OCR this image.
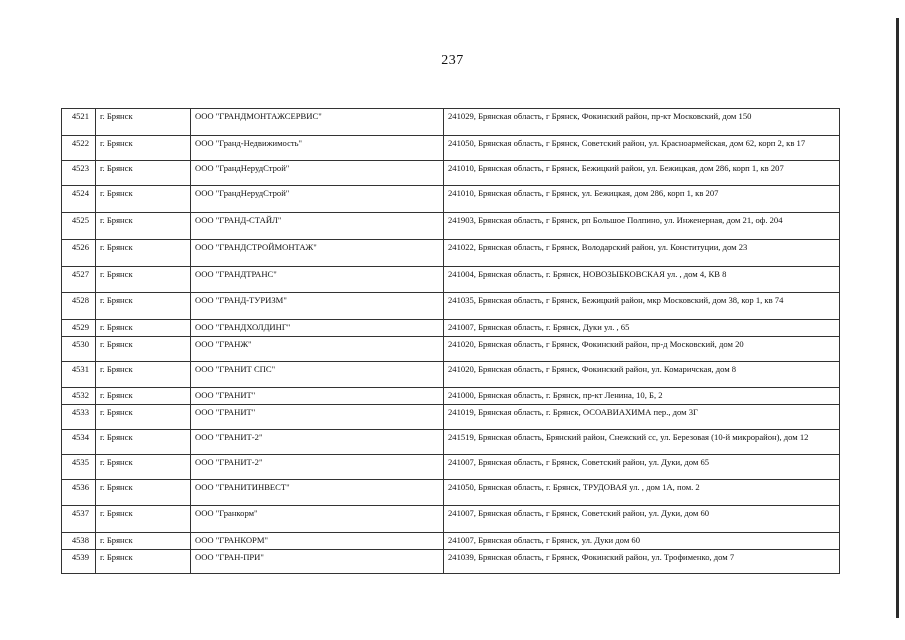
237
4521	г. Брянск	ООО "ГРАНДМОНТАЖСЕРВИС"	241029, Брянская область, г Брянск, Фокинский район, пр-кт Московский, дом 150
4522	г. Брянск	ООО "Гранд-Недвижимость"	241050, Брянская область, г Брянск, Советский район, ул. Красноармейская, дом 62, корп 2, кв 17
4523	г. Брянск	ООО "ГрандНерудСтрой"	241010, Брянская область, г Брянск, Бежицкий район, ул. Бежицкая, дом 286, корп 1, кв 207
4524	г. Брянск	ООО "ГрандНерудСтрой"	241010, Брянская область, г Брянск, ул. Бежицкая, дом 286, корп 1, кв 207
4525	г. Брянск	ООО "ГРАНД-СТАЙЛ"	241903, Брянская область, г Брянск, рп Большое Полпино, ул. Инженерная, дом 21, оф. 204
4526	г. Брянск	ООО "ГРАНДСТРОЙМОНТАЖ"	241022, Брянская область, г Брянск, Володарский район, ул. Конституции, дом 23
4527	г. Брянск	ООО "ГРАНДТРАНС"	241004, Брянская область, г. Брянск, НОВОЗЫБКОВСКАЯ ул. , дом 4, КВ 8
4528	г. Брянск	ООО "ГРАНД-ТУРИЗМ"	241035, Брянская область, г Брянск, Бежицкий район, мкр Московский, дом 38, кор 1, кв 74
4529	г. Брянск	ООО "ГРАНДХОЛДИНГ"	241007, Брянская область, г. Брянск, Дуки ул. , 65
4530	г. Брянск	ООО "ГРАНЖ"	241020, Брянская область, г Брянск, Фокинский район, пр-д Московский, дом 20
4531	г. Брянск	ООО "ГРАНИТ СПС"	241020, Брянская область, г Брянск, Фокинский район, ул. Комаричская, дом 8
4532	г. Брянск	ООО "ГРАНИТ"	241000, Брянская область, г. Брянск, пр-кт Ленина, 10, Б, 2
4533	г. Брянск	ООО "ГРАНИТ"	241019, Брянская область, г. Брянск, ОСОАВИАХИМА пер., дом 3Г
4534	г. Брянск	ООО "ГРАНИТ-2"	241519, Брянская область, Брянский район, Снежский сс, ул. Березовая (10-й микрорайон), дом 12
4535	г. Брянск	ООО "ГРАНИТ-2"	241007, Брянская область, г Брянск, Советский район, ул. Дуки, дом 65
4536	г. Брянск	ООО "ГРАНИТИНВЕСТ"	241050, Брянская область, г. Брянск, ТРУДОВАЯ ул. , дом 1А, пом. 2
4537	г. Брянск	ООО "Гранкорм"	241007, Брянская область, г Брянск, Советский район, ул. Дуки, дом 60
4538	г. Брянск	ООО "ГРАНКОРМ"	241007, Брянская область, г Брянск, ул. Дуки дом 60
4539	г. Брянск	ООО "ГРАН-ПРИ"	241039, Брянская область, г Брянск, Фокинский район, ул. Трофименко, дом 7
